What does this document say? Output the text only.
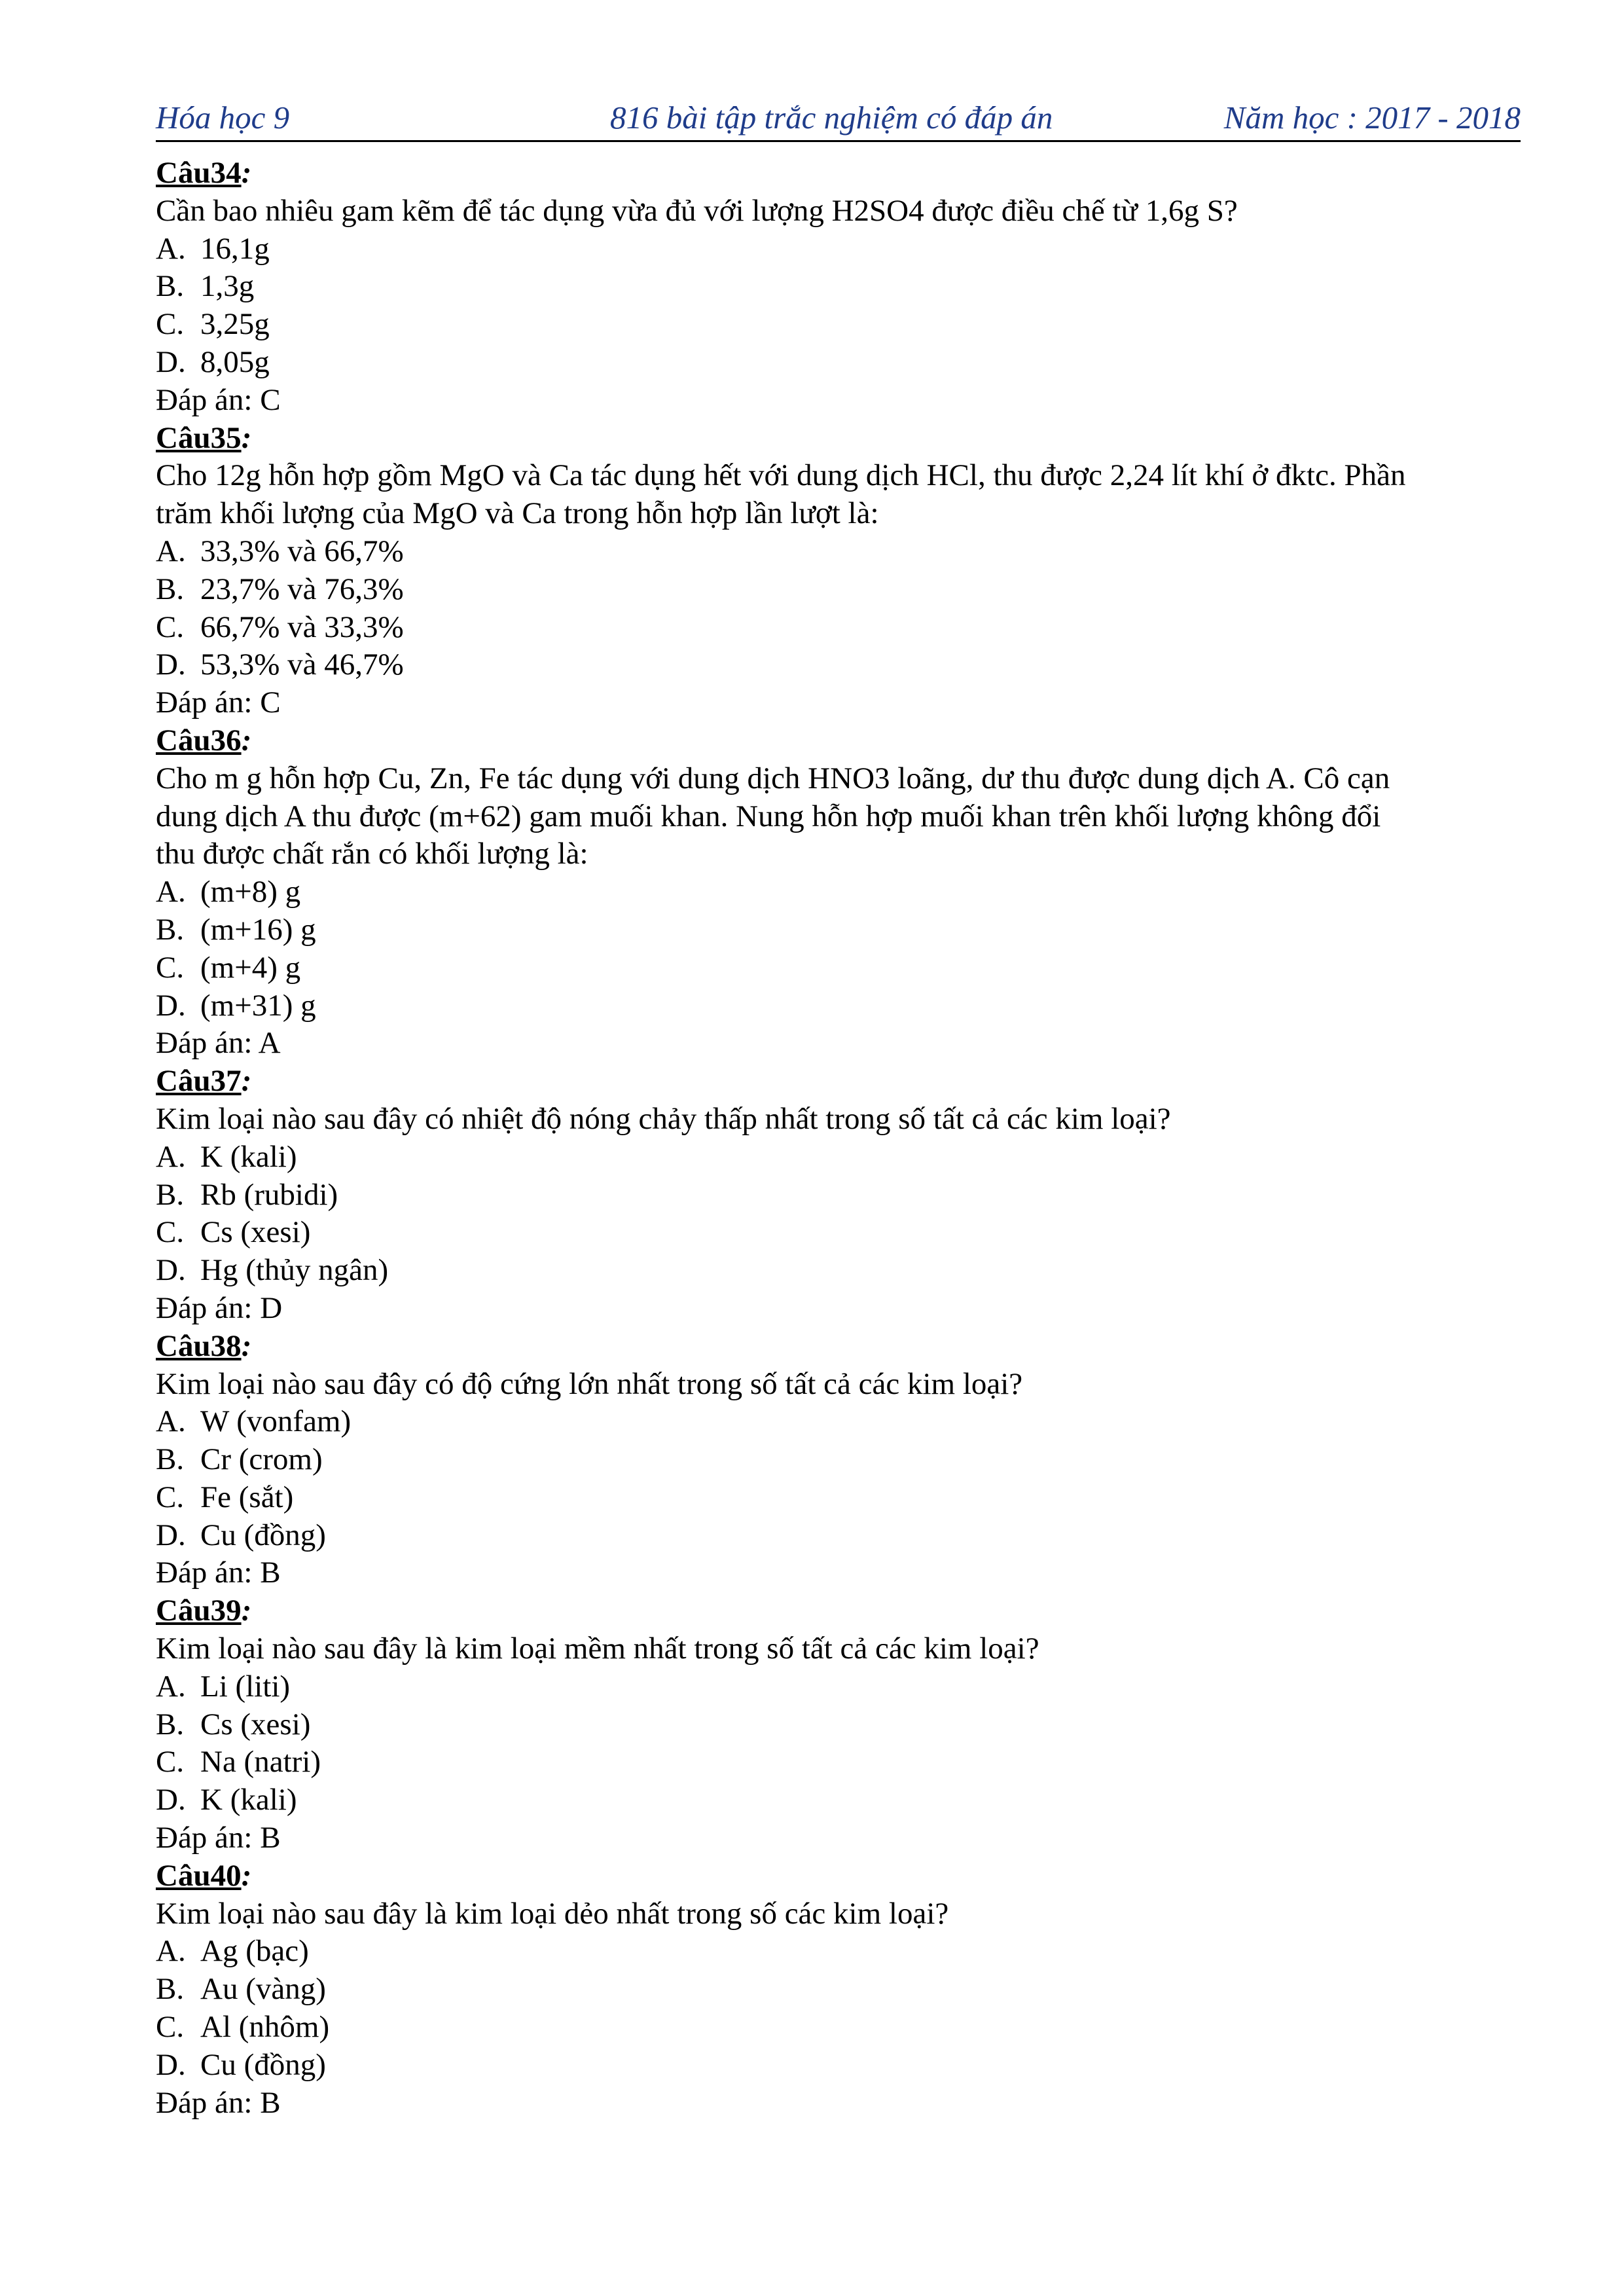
Hóa học 9	816 bài tập trắc nghiệm có đáp án	Năm học : 2017 - 2018
Câu34:
Cần bao nhiêu gam kẽm để tác dụng vừa đủ với lượng H2SO4 được điều chế từ 1,6g S?
A. 16,1g
B. 1,3g
C. 3,25g
D. 8,05g
Đáp án: C
Câu35:
Cho 12g hỗn hợp gồm MgO và Ca tác dụng hết với dung dịch HCl, thu được 2,24 lít khí ở đktc. Phần
trăm khối lượng của MgO và Ca trong hỗn hợp lần lượt là:
A. 33,3% và 66,7%
B. 23,7% và 76,3%
C. 66,7% và 33,3%
D. 53,3% và 46,7%
Đáp án: C
Câu36:
Cho m g hỗn hợp Cu, Zn, Fe tác dụng với dung dịch HNO3 loãng, dư thu được dung dịch A. Cô cạn
dung dịch A thu được (m+62) gam muối khan. Nung hỗn hợp muối khan trên khối lượng không đổi
thu được chất rắn có khối lượng là:
A. (m+8) g
B. (m+16) g
C. (m+4) g
D. (m+31) g
Đáp án: A
Câu37:
Kim loại nào sau đây có nhiệt độ nóng chảy thấp nhất trong số tất cả các kim loại?
A. K (kali)
B. Rb (rubidi)
C. Cs (xesi)
D. Hg (thủy ngân)
Đáp án: D
Câu38:
Kim loại nào sau đây có độ cứng lớn nhất trong số tất cả các kim loại?
A. W (vonfam)
B. Cr (crom)
C. Fe (sắt)
D. Cu (đồng)
Đáp án: B
Câu39:
Kim loại nào sau đây là kim loại mềm nhất trong số tất cả các kim loại?
A. Li (liti)
B. Cs (xesi)
C. Na (natri)
D. K (kali)
Đáp án: B
Câu40:
Kim loại nào sau đây là kim loại dẻo nhất trong số các kim loại?
A. Ag (bạc)
B. Au (vàng)
C. Al (nhôm)
D. Cu (đồng)
Đáp án: B
